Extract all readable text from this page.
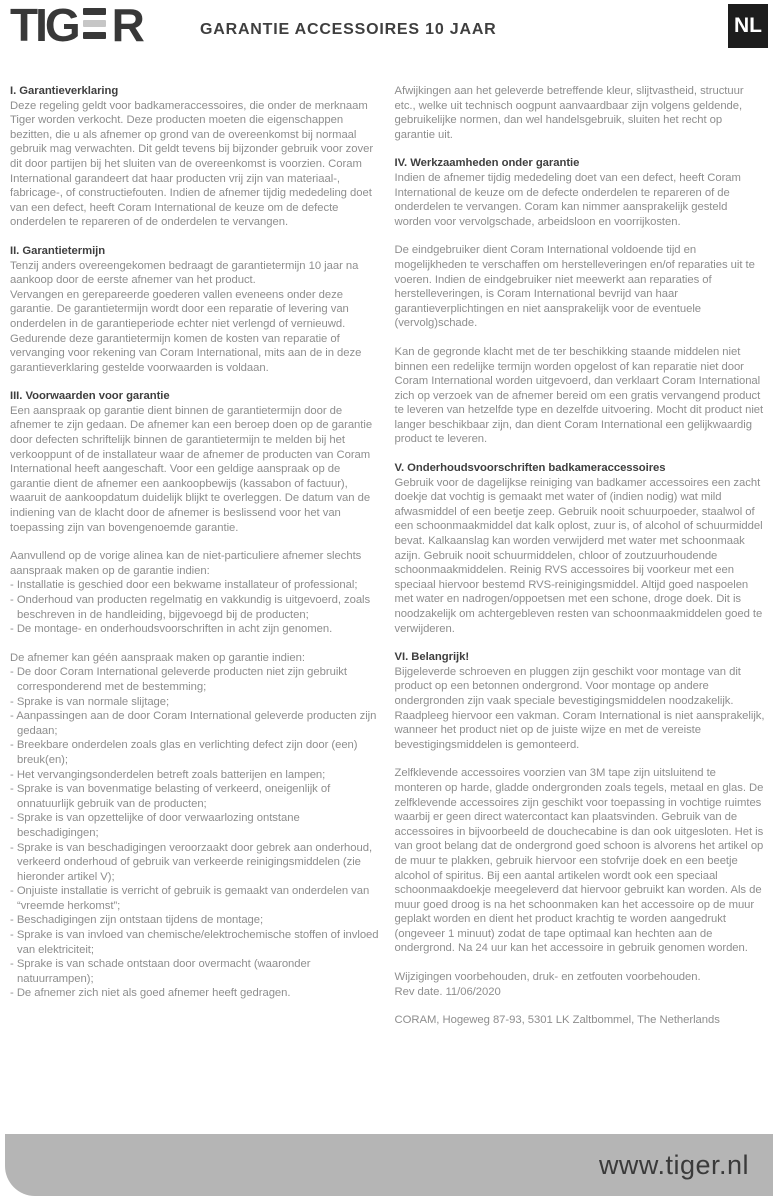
TIG R	GARANTIE ACCESSOIRES 10 JAAR	NL
I. Garantieverklaring

Deze regeling geldt voor badkameraccessoires, die onder de merknaam Tiger worden verkocht. Deze producten moeten die eigenschappen bezitten, die u als afnemer op grond van de overeenkomst bij normaal gebruik mag verwachten. Dit geldt tevens bij bijzonder gebruik voor zover dit door partijen bij het sluiten van de overeenkomst is voorzien. Coram International garandeert dat haar producten vrij zijn van materiaal-, fabricage-, of constructiefouten. Indien de afnemer tijdig mededeling doet van een defect, heeft Coram International de keuze om de defecte onderdelen te repareren of de onderdelen te vervangen.

II. Garantietermijn

Tenzij anders overeengekomen bedraagt de garantietermijn 10 jaar na aankoop door de eerste afnemer van het product.

Vervangen en gerepareerde goederen vallen eveneens onder deze garantie. De garantietermijn wordt door een reparatie of levering van onderdelen in de garantieperiode echter niet verlengd of vernieuwd.

Gedurende deze garantietermijn komen de kosten van reparatie of vervanging voor rekening van Coram International, mits aan de in deze garantieverklaring gestelde voorwaarden is voldaan.

III. Voorwaarden voor garantie

Een aanspraak op garantie dient binnen de garantietermijn door de afnemer te zijn gedaan. De afnemer kan een beroep doen op de garantie door defecten schriftelijk binnen de garantietermijn te melden bij het verkooppunt of de installateur waar de afnemer de producten van Coram International heeft aangeschaft. Voor een geldige aanspraak op de garantie dient de afnemer een aankoopbewijs (kassabon of factuur), waaruit de aankoopdatum duidelijk blijkt te overleggen. De datum van de indiening van de klacht door de afnemer is beslissend voor het van toepassing zijn van bovengenoemde garantie.

Aanvullend op de vorige alinea kan de niet-particuliere afnemer slechts aanspraak maken op de garantie indien:

- Installatie is geschied door een bekwame installateur of professional;
- Onderhoud van producten regelmatig en vakkundig is uitgevoerd, zoals beschreven in de handleiding, bijgevoegd bij de producten;
- De montage- en onderhoudsvoorschriften in acht zijn genomen.

De afnemer kan géén aanspraak maken op garantie indien:

- De door Coram International geleverde producten niet zijn gebruikt corresponderend met de bestemming;
- Sprake is van normale slijtage;
- Aanpassingen aan de door Coram International geleverde producten zijn gedaan;
- Breekbare onderdelen zoals glas en verlichting defect zijn door (een) breuk(en);
- Het vervangingsonderdelen betreft zoals batterijen en lampen;
- Sprake is van bovenmatige belasting of verkeerd, oneigenlijk of onnatuurlijk gebruik van de producten;
- Sprake is van opzettelijke of door verwaarlozing ontstane beschadigingen;
- Sprake is van beschadigingen veroorzaakt door gebrek aan onderhoud, verkeerd onderhoud of gebruik van verkeerde reinigingsmiddelen (zie hieronder artikel V);
- Onjuiste installatie is verricht of gebruik is gemaakt van onderdelen van “vreemde herkomst”;
- Beschadigingen zijn ontstaan tijdens de montage;
- Sprake is van invloed van chemische/elektrochemische stoffen of invloed van elektriciteit;
- Sprake is van schade ontstaan door overmacht (waaronder natuurrampen);
- De afnemer zich niet als goed afnemer heeft gedragen.

Afwijkingen aan het geleverde betreffende kleur, slijtvastheid, structuur etc., welke uit technisch oogpunt aanvaardbaar zijn volgens geldende, gebruikelijke normen, dan wel handelsgebruik, sluiten het recht op garantie uit.

IV. Werkzaamheden onder garantie

Indien de afnemer tijdig mededeling doet van een defect, heeft Coram International de keuze om de defecte onderdelen te repareren of de onderdelen te vervangen. Coram kan nimmer aansprakelijk gesteld worden voor vervolgschade, arbeidsloon en voorrijkosten.

De eindgebruiker dient Coram International voldoende tijd en mogelijkheden te verschaffen om herstelleveringen en/of reparaties uit te voeren. Indien de eindgebruiker niet meewerkt aan reparaties of herstelleveringen, is Coram International bevrijd van haar garantieverplichtingen en niet aansprakelijk voor de eventuele (vervolg)schade.

Kan de gegronde klacht met de ter beschikking staande middelen niet binnen een redelijke termijn worden opgelost of kan reparatie niet door Coram International worden uitgevoerd, dan verklaart Coram International zich op verzoek van de afnemer bereid om een gratis vervangend product te leveren van hetzelfde type en dezelfde uitvoering. Mocht dit product niet langer beschikbaar zijn, dan dient Coram International een gelijkwaardig product te leveren.

V. Onderhoudsvoorschriften badkameraccessoires

Gebruik voor de dagelijkse reiniging van badkamer accessoires een zacht doekje dat vochtig is gemaakt met water of (indien nodig) wat mild afwasmiddel of een beetje zeep. Gebruik nooit schuurpoeder, staalwol of een schoonmaakmiddel dat kalk oplost, zuur is, of alcohol of schuurmiddel bevat. Kalkaanslag kan worden verwijderd met water met schoonmaak azijn. Gebruik nooit schuurmiddelen, chloor of zoutzuurhoudende schoonmaakmiddelen. Reinig RVS accessoires bij voorkeur met een speciaal hiervoor bestemd RVS-reinigingsmiddel. Altijd goed naspoelen met water en nadrogen/oppoetsen met een schone, droge doek. Dit is noodzakelijk om achtergebleven resten van schoonmaakmiddelen goed te verwijderen.

VI. Belangrijk!

Bijgeleverde schroeven en pluggen zijn geschikt voor montage van dit product op een betonnen ondergrond. Voor montage op andere ondergronden zijn vaak speciale bevestigingsmiddelen noodzakelijk. Raadpleeg hiervoor een vakman. Coram International is niet aansprakelijk, wanneer het product niet op de juiste wijze en met de vereiste bevestigingsmiddelen is gemonteerd.

Zelfklevende accessoires voorzien van 3M tape zijn uitsluitend te monteren op harde, gladde ondergronden zoals tegels, metaal en glas. De zelfklevende accessoires zijn geschikt voor toepassing in vochtige ruimtes waarbij er geen direct watercontact kan plaatsvinden. Gebruik van de accessoires in bijvoorbeeld de douchecabine is dan ook uitgesloten. Het is van groot belang dat de ondergrond goed schoon is alvorens het artikel op de muur te plakken, gebruik hiervoor een stofvrije doek en een beetje alcohol of spiritus. Bij een aantal artikelen wordt ook een speciaal schoonmaakdoekje meegeleverd dat hiervoor gebruikt kan worden. Als de muur goed droog is na het schoonmaken kan het accessoire op de muur geplakt worden en dient het product krachtig te worden aangedrukt (ongeveer 1 minuut) zodat de tape optimaal kan hechten aan de ondergrond. Na 24 uur kan het accessoire in gebruik genomen worden.

Wijzigingen voorbehouden, druk- en zetfouten voorbehouden.

Rev date. 11/06/2020

CORAM, Hogeweg 87-93, 5301 LK Zaltbommel, The Netherlands

www.tiger.nl
